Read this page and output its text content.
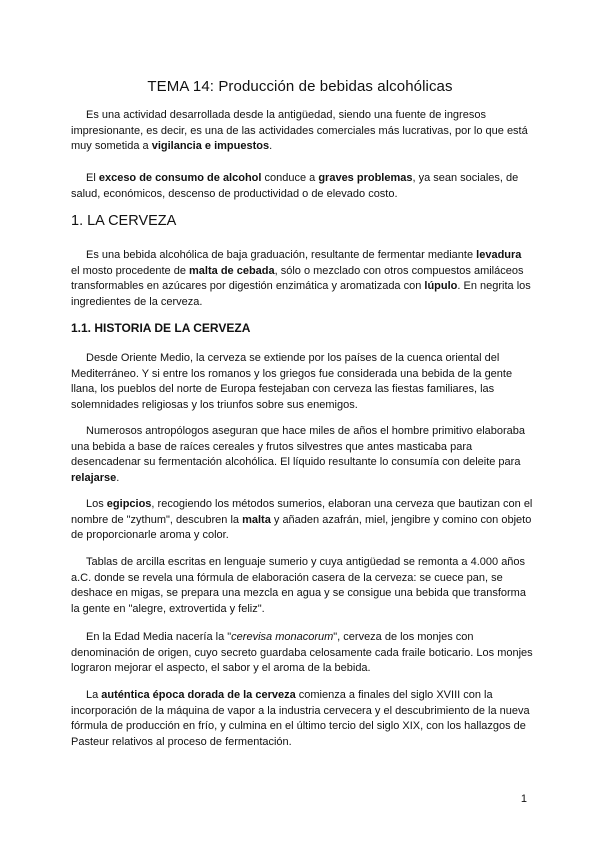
TEMA 14: Producción de bebidas alcohólicas

Es una actividad desarrollada desde la antigüedad, siendo una fuente de ingresos impresionante, es decir, es una de las actividades comerciales más lucrativas, por lo que está muy sometida a vigilancia e impuestos.

El exceso de consumo de alcohol conduce a graves problemas, ya sean sociales, de salud, económicos, descenso de productividad o de elevado costo.

1. LA CERVEZA

Es una bebida alcohólica de baja graduación, resultante de fermentar mediante levadura el mosto procedente de malta de cebada, sólo o mezclado con otros compuestos amiláceos transformables en azúcares por digestión enzimática y aromatizada con lúpulo. En negrita los ingredientes de la cerveza.

1.1. HISTORIA DE LA CERVEZA

Desde Oriente Medio, la cerveza se extiende por los países de la cuenca oriental del Mediterráneo. Y si entre los romanos y los griegos fue considerada una bebida de la gente llana, los pueblos del norte de Europa festejaban con cerveza las fiestas familiares, las solemnidades religiosas y los triunfos sobre sus enemigos.

Numerosos antropólogos aseguran que hace miles de años el hombre primitivo elaboraba una bebida a base de raíces cereales y frutos silvestres que antes masticaba para desencadenar su fermentación alcohólica. El líquido resultante lo consumía con deleite para relajarse.

Los egipcios, recogiendo los métodos sumerios, elaboran una cerveza que bautizan con el nombre de "zythum", descubren la malta y añaden azafrán, miel, jengibre y comino con objeto de proporcionarle aroma y color.

Tablas de arcilla escritas en lenguaje sumerio y cuya antigüedad se remonta a 4.000 años a.C. donde se revela una fórmula de elaboración casera de la cerveza: se cuece pan, se deshace en migas, se prepara una mezcla en agua y se consigue una bebida que transforma la gente en "alegre, extrovertida y feliz".

En la Edad Media nacería la "cerevisa monacorum", cerveza de los monjes con denominación de origen, cuyo secreto guardaba celosamente cada fraile boticario. Los monjes lograron mejorar el aspecto, el sabor y el aroma de la bebida.

La auténtica época dorada de la cerveza comienza a finales del siglo XVIII con la incorporación de la máquina de vapor a la industria cervecera y el descubrimiento de la nueva fórmula de producción en frío, y culmina en el último tercio del siglo XIX, con los hallazgos de Pasteur relativos al proceso de fermentación.

1
